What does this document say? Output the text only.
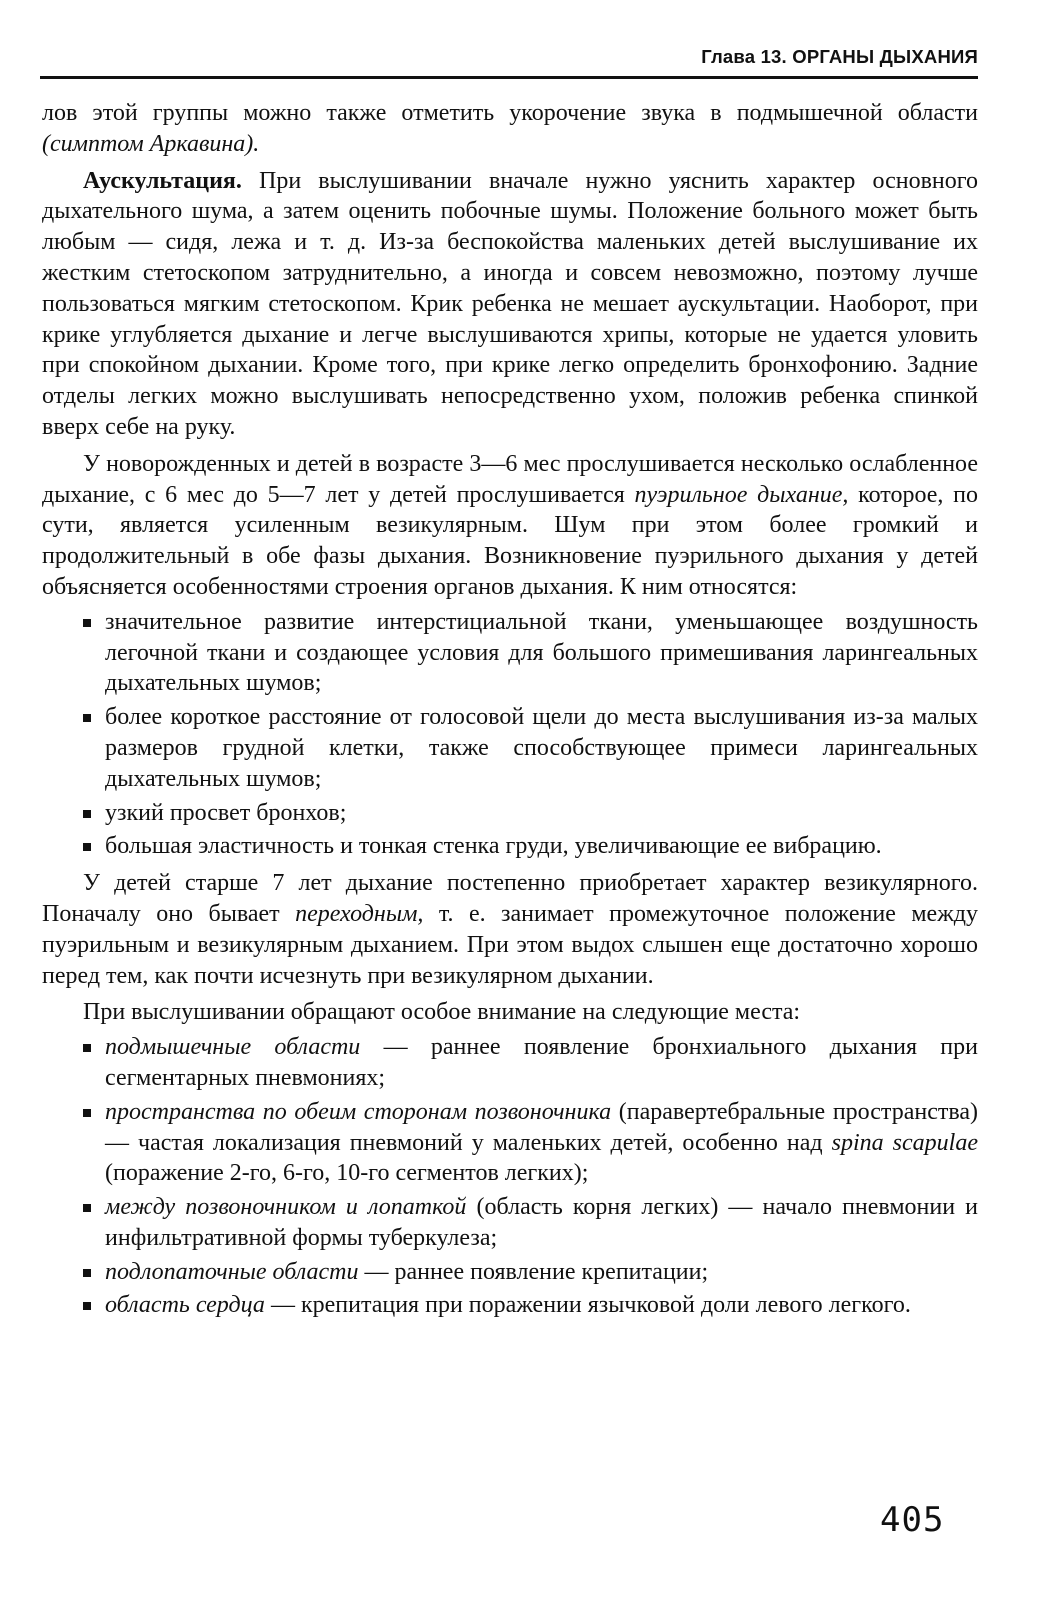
Глава 13. ОРГАНЫ ДЫХАНИЯ

лов этой группы можно также отметить укорочение звука в подмышечной области (симптом Аркавина).

Аускультация. При выслушивании вначале нужно уяснить характер основного дыхательного шума, а затем оценить побочные шумы. Положение больного может быть любым — сидя, лежа и т. д. Из-за беспокойства маленьких детей выслушивание их жестким стетоскопом затруднительно, а иногда и совсем невозможно, поэтому лучше пользоваться мягким стетоскопом. Крик ребенка не мешает аускультации. Наоборот, при крике углубляется дыхание и легче выслушиваются хрипы, которые не удается уловить при спокойном дыхании. Кроме того, при крике легко определить бронхофонию. Задние отделы легких можно выслушивать непосредственно ухом, положив ребенка спинкой вверх себе на руку.

У новорожденных и детей в возрасте 3—6 мес прослушивается несколько ослабленное дыхание, с 6 мес до 5—7 лет у детей прослушивается пуэрильное дыхание, которое, по сути, является усиленным везикулярным. Шум при этом более громкий и продолжительный в обе фазы дыхания. Возникновение пуэрильного дыхания у детей объясняется особенностями строения органов дыхания. К ним относятся:

значительное развитие интерстициальной ткани, уменьшающее воздушность легочной ткани и создающее условия для большого примешивания ларингеальных дыхательных шумов;
более короткое расстояние от голосовой щели до места выслушивания из-за малых размеров грудной клетки, также способствующее примеси ларингеальных дыхательных шумов;
узкий просвет бронхов;
большая эластичность и тонкая стенка груди, увеличивающие ее вибрацию.

У детей старше 7 лет дыхание постепенно приобретает характер везикулярного. Поначалу оно бывает переходным, т. е. занимает промежуточное положение между пуэрильным и везикулярным дыханием. При этом выдох слышен еще достаточно хорошо перед тем, как почти исчезнуть при везикулярном дыхании.

При выслушивании обращают особое внимание на следующие места:

подмышечные области — раннее появление бронхиального дыхания при сегментарных пневмониях;
пространства по обеим сторонам позвоночника (паравертебральные пространства) — частая локализация пневмоний у маленьких детей, особенно над spina scapulae (поражение 2-го, 6-го, 10-го сегментов легких);
между позвоночником и лопаткой (область корня легких) — начало пневмонии и инфильтративной формы туберкулеза;
подлопаточные области — раннее появление крепитации;
область сердца — крепитация при поражении язычковой доли левого легкого.
405
